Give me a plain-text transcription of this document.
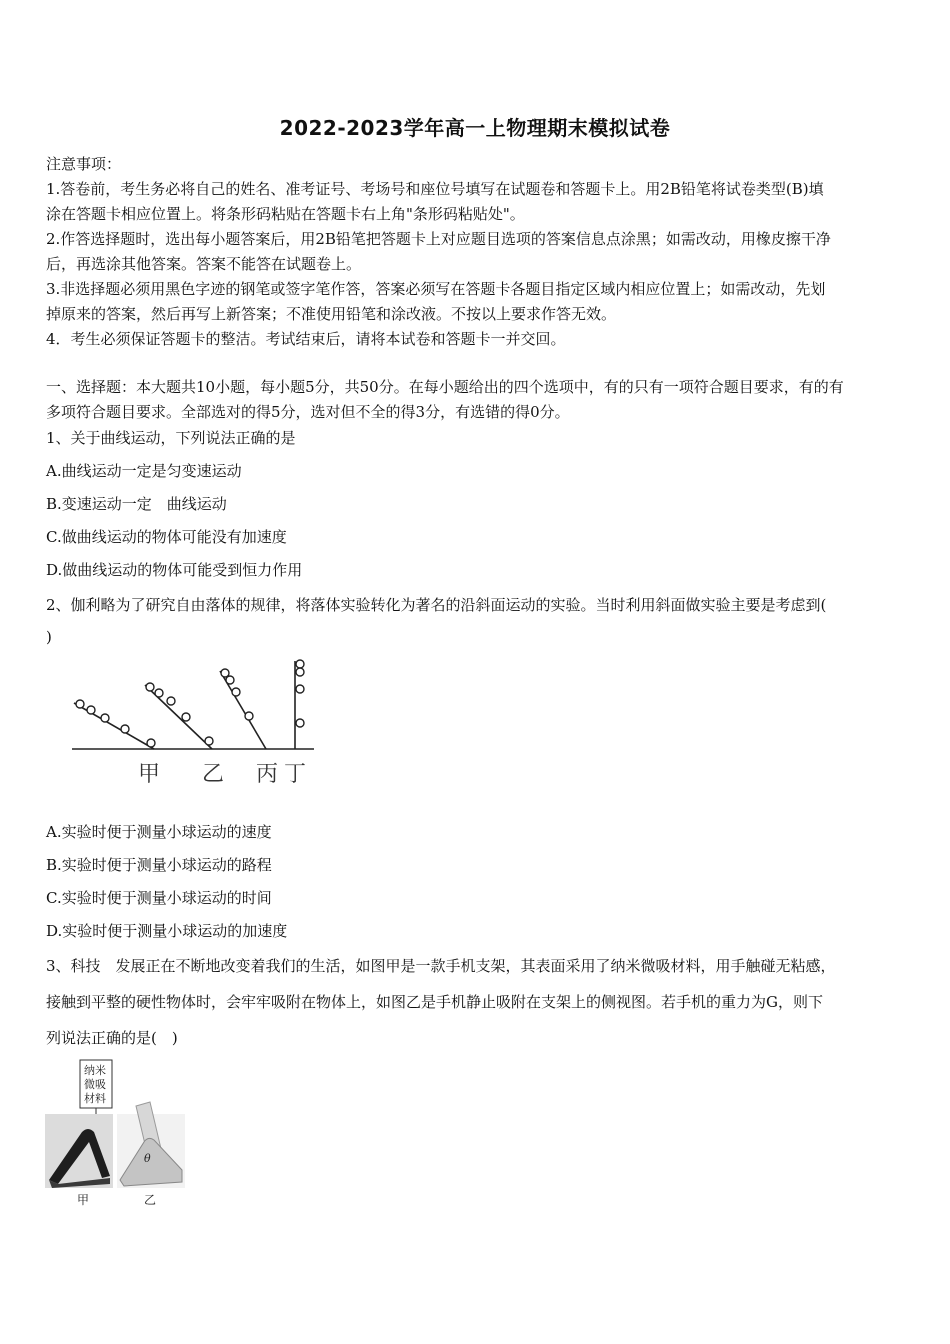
2022-2023学年高一上物理期末模拟试卷
注意事项：
1.答卷前，考生务必将自己的姓名、准考证号、考场号和座位号填写在试题卷和答题卡上。用2B铅笔将试卷类型(B)填
涂在答题卡相应位置上。将条形码粘贴在答题卡右上角"条形码粘贴处"。
2.作答选择题时，选出每小题答案后，用2B铅笔把答题卡上对应题目选项的答案信息点涂黑；如需改动，用橡皮擦干净
后，再选涂其他答案。答案不能答在试题卷上。
3.非选择题必须用黑色字迹的钢笔或签字笔作答，答案必须写在答题卡各题目指定区域内相应位置上；如需改动，先划
掉原来的答案，然后再写上新答案；不准使用铅笔和涂改液。不按以上要求作答无效。
4．考生必须保证答题卡的整洁。考试结束后，请将本试卷和答题卡一并交回。
一、选择题：本大题共10小题，每小题5分，共50分。在每小题给出的四个选项中，有的只有一项符合题目要求，有的有
多项符合题目要求。全部选对的得5分，选对但不全的得3分，有选错的得0分。
1、关于曲线运动，下列说法正确的是
A.曲线运动一定是匀变速运动
B.变速运动一定　曲线运动
C.做曲线运动的物体可能没有加速度
D.做曲线运动的物体可能受到恒力作用
2、伽利略为了研究自由落体的规律，将落体实验转化为著名的沿斜面运动的实验。当时利用斜面做实验主要是考虑到(
)
甲 乙 丙 丁
A.实验时便于测量小球运动的速度
B.实验时便于测量小球运动的路程
C.实验时便于测量小球运动的时间
D.实验时便于测量小球运动的加速度
3、科技　发展正在不断地改变着我们的生活，如图甲是一款手机支架，其表面采用了纳米微吸材料，用手触碰无粘感，
接触到平整的硬性物体时，会牢牢吸附在物体上，如图乙是手机静止吸附在支架上的侧视图。若手机的重力为G，则下
列说法正确的是(　)
纳米
微吸
材料
θ
甲	乙
